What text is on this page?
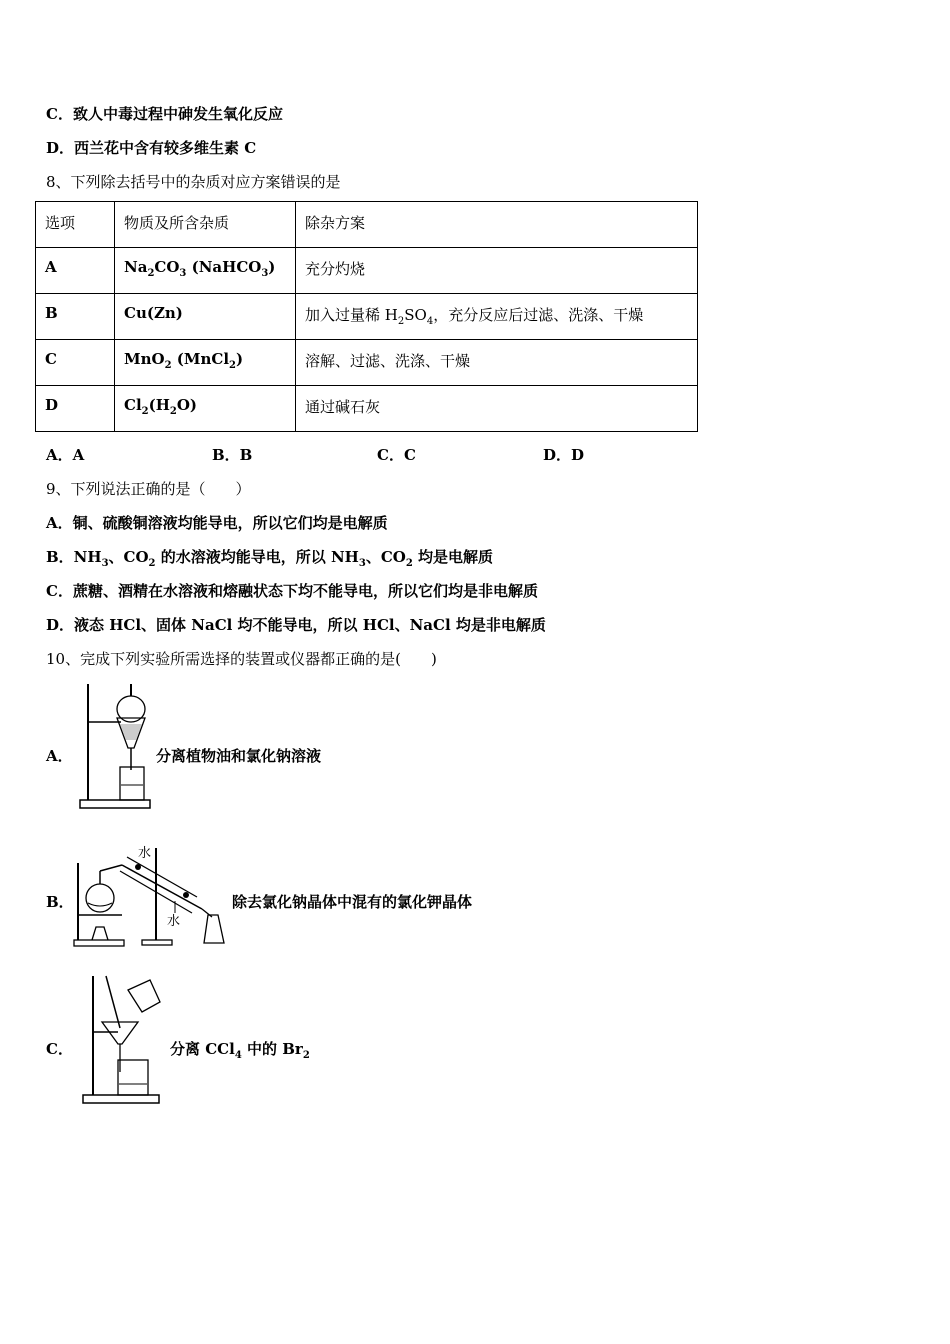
C．致人中毒过程中砷发生氧化反应
D．西兰花中含有较多维生素 C
8、下列除去括号中的杂质对应方案错误的是
选项	物质及所含杂质	除杂方案
A	$Na_2CO_3$ (NaHCO$_3$)	充分灼烧
B	Cu(Zn)	加入过量稀 $H_2SO_4$，充分反应后过滤、洗涤、干燥
C	MnO$_2$ (MnCl$_2$)	溶解、过滤、洗涤、干燥
D	$Cl_2(H_2O)$	通过碱石灰
A．A	B．B	C．C	D．D
9、下列说法正确的是（　　）
A．铜、硫酸铜溶液均能导电，所以它们均是电解质
B．$NH_3$、$CO_2$ 的水溶液均能导电，所以 $NH_3$、$CO_2$ 均是电解质
C．蔗糖、酒精在水溶液和熔融状态下均不能导电，所以它们均是非电解质
D．液态 HCl、固体 NaCl 均不能导电，所以 HCl、NaCl 均是非电解质
10、完成下列实验所需选择的装置或仪器都正确的是(　　)
A．	分离植物油和氯化钠溶液
B．
水
水
除去氯化钠晶体中混有的氯化钾晶体
C．	分离 CCl$_4$ 中的 $Br_2$
